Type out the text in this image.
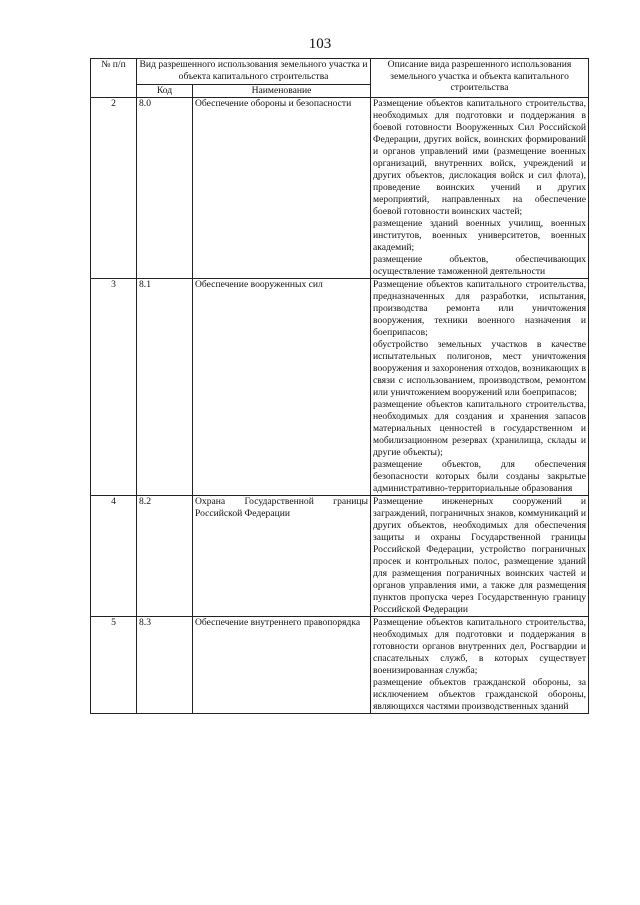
103
№ п/п	Вид разрешенного использования земельного участка и объекта капитального строительства		Описание вида разрешенного использования земельного участка и объекта капитального строительства
	Код	Наименование	
2	8.0	Обеспечение обороны и безопасности	Размещение объектов капитального строительства, необходимых для подготовки и поддержания в боевой готовности Вооруженных Сил Российской Федерации, других войск, воинских формирований и органов управлений ими (размещение военных организаций, внутренних войск, учреждений и других объектов, дислокация войск и сил флота), проведение воинских учений и других мероприятий, направленных на обеспечение боевой готовности воинских частей;
размещение зданий военных училищ, военных институтов, военных университетов, военных академий;
размещение объектов, обеспечивающих осуществление таможенной деятельности

3	8.1	Обеспечение вооруженных сил	Размещение объектов капитального строительства, предназначенных для разработки, испытания, производства ремонта или уничтожения вооружения, техники военного назначения и боеприпасов;
обустройство земельных участков в качестве испытательных полигонов, мест уничтожения вооружения и захоронения отходов, возникающих в связи с использованием, производством, ремонтом или уничтожением вооружений или боеприпасов;
размещение объектов капитального строительства, необходимых для создания и хранения запасов материальных ценностей в государственном и мобилизационном резервах (хранилища, склады и другие объекты);
размещение объектов, для обеспечения безопасности которых были созданы закрытые административно-территориальные образования

4	8.2	Охрана Государственной границы Российской Федерации	Размещение инженерных сооружений и заграждений, пограничных знаков, коммуникаций и других объектов, необходимых для обеспечения защиты и охраны Государственной границы Российской Федерации, устройство пограничных просек и контрольных полос, размещение зданий для размещения пограничных воинских частей и органов управления ими, а также для размещения пунктов пропуска через Государственную границу Российской Федерации

5	8.3	Обеспечение внутреннего правопорядка	Размещение объектов капитального строительства, необходимых для подготовки и поддержания в готовности органов внутренних дел, Росгвардии и спасательных служб, в которых существует военизированная служба;
размещение объектов гражданской обороны, за исключением объектов гражданской обороны, являющихся частями производственных зданий
